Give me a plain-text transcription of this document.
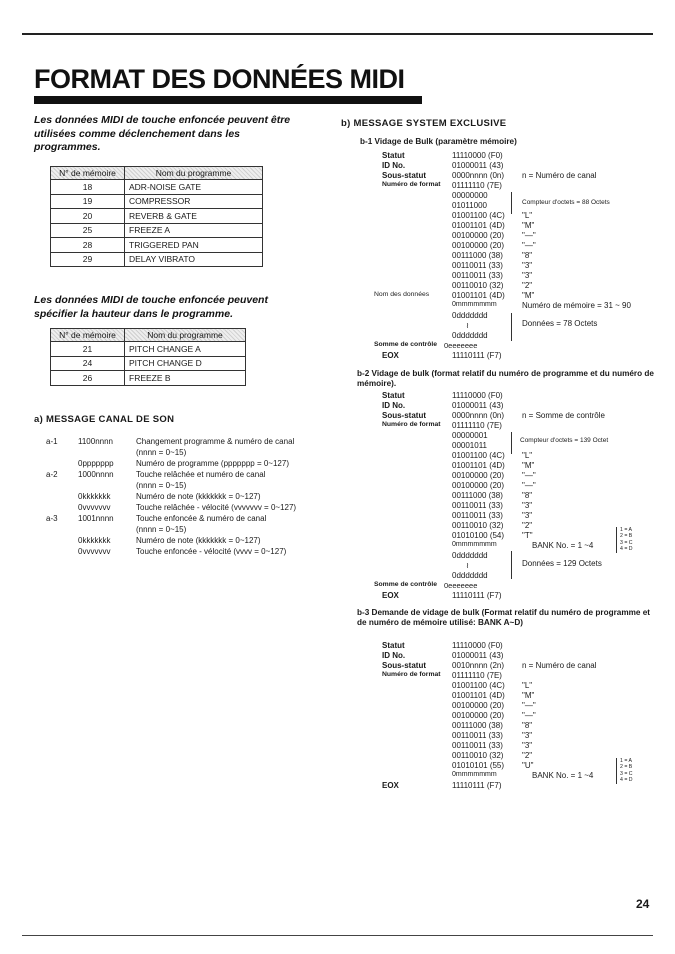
FORMAT DES DONNÉES MIDI
Les données MIDI de touche enfoncée peuvent être utilisées comme déclenchement dans les programmes.
N° de mémoire	Nom du programme
18	ADR-NOISE GATE
19	COMPRESSOR
20	REVERB & GATE
25	FREEZE A
28	TRIGGERED PAN
29	DELAY VIBRATO
Les données MIDI de touche enfoncée peuvent spécifier la hauteur dans le programme.
N° de mémoire	Nom du programme
21	PITCH CHANGE A
24	PITCH CHANGE D
26	FREEZE B
a) MESSAGE CANAL DE SON
a-1	1100nnnn	Changement programme & numéro de canal
(nnnn = 0~15)
0ppppppp	Numéro de programme (ppppppp = 0~127)
a-2	1000nnnn	Touche relâchée et numéro de canal
(nnnn = 0~15)
0kkkkkkk	Numéro de note (kkkkkkk = 0~127)
0vvvvvvv	Touche relâchée - vélocité (vvvvvvv = 0~127)
a-3	1001nnnn	Touche enfoncée & numéro de canal
(nnnn = 0~15)
0kkkkkkk	Numéro de note (kkkkkkk = 0~127)
0vvvvvvv	Touche enfoncée - vélocité (vvvv = 0~127)
b) MESSAGE SYSTEM EXCLUSIVE
b-1 Vidage de Bulk (paramètre mémoire)
Statut	11110000 (F0)
ID No.	01000011 (43)
Sous-statut	0000nnnn (0n) n = Numéro de canal
Numéro de format 01111110 (7E)
00000000
01011000
01001100 (4C) "L"
01001101 (4D) "M"
00100000 (20) "—"
00100000 (20) "—"
00111000 (38) "8"
00110011 (33) "3"
00110011 (33) "3"
00110010 (32) "2"
Nom des données	01001101 (4D) "M"
0mmmmmmm	Numéro de mémoire = 31 ~ 90
0ddddddd
≀	Données = 78 Octets
0ddddddd
Somme de contrôle 0eeeeeee
EOX	11110111 (F7)
Compteur d'octets = 88 Octets
b-2 Vidage de bulk (format relatif du numéro de programme et du numéro de mémoire).
Statut	11110000 (F0)
ID No.	01000011 (43)
Sous-statut	0000nnnn (0n) n = Somme de contrôle
Numéro de format 01111110 (7E)
00000001
00001011
01001100 (4C) "L"
01001101 (4D) "M"
00100000 (20) "—"
00100000 (20) "—"
00111000 (38) "8"
00110011 (33) "3"
00110011 (33) "3"
00110010 (32) "2"
01010100 (54) "T"
0mmmmmmm	BANK No. = 1 ~4
0ddddddd
≀	Données = 129 Octets
0ddddddd
Somme de contrôle 0eeeeeee
EOX	11110111 (F7)
Compteur d'octets = 139 Octet
1 = A
2 = B
3 = C
4 = D
b-3 Demande de vidage de bulk (Format relatif du numéro de programme et de numéro de mémoire utilisé: BANK A~D)
Statut	11110000 (F0)
ID No.	01000011 (43)
Sous-statut	0010nnnn (2n) n = Numéro de canal
Numéro de format 01111110 (7E)
01001100 (4C) "L"
01001101 (4D) "M"
00100000 (20) "—"
00100000 (20) "—"
00111000 (38) "8"
00110011 (33) "3"
00110011 (33) "3"
00110010 (32) "2"
01010101 (55) "U"
0mmmmmmm	BANK No. = 1 ~4
EOX	11110111 (F7)
1 = A
2 = B
3 = C
4 = D
24
